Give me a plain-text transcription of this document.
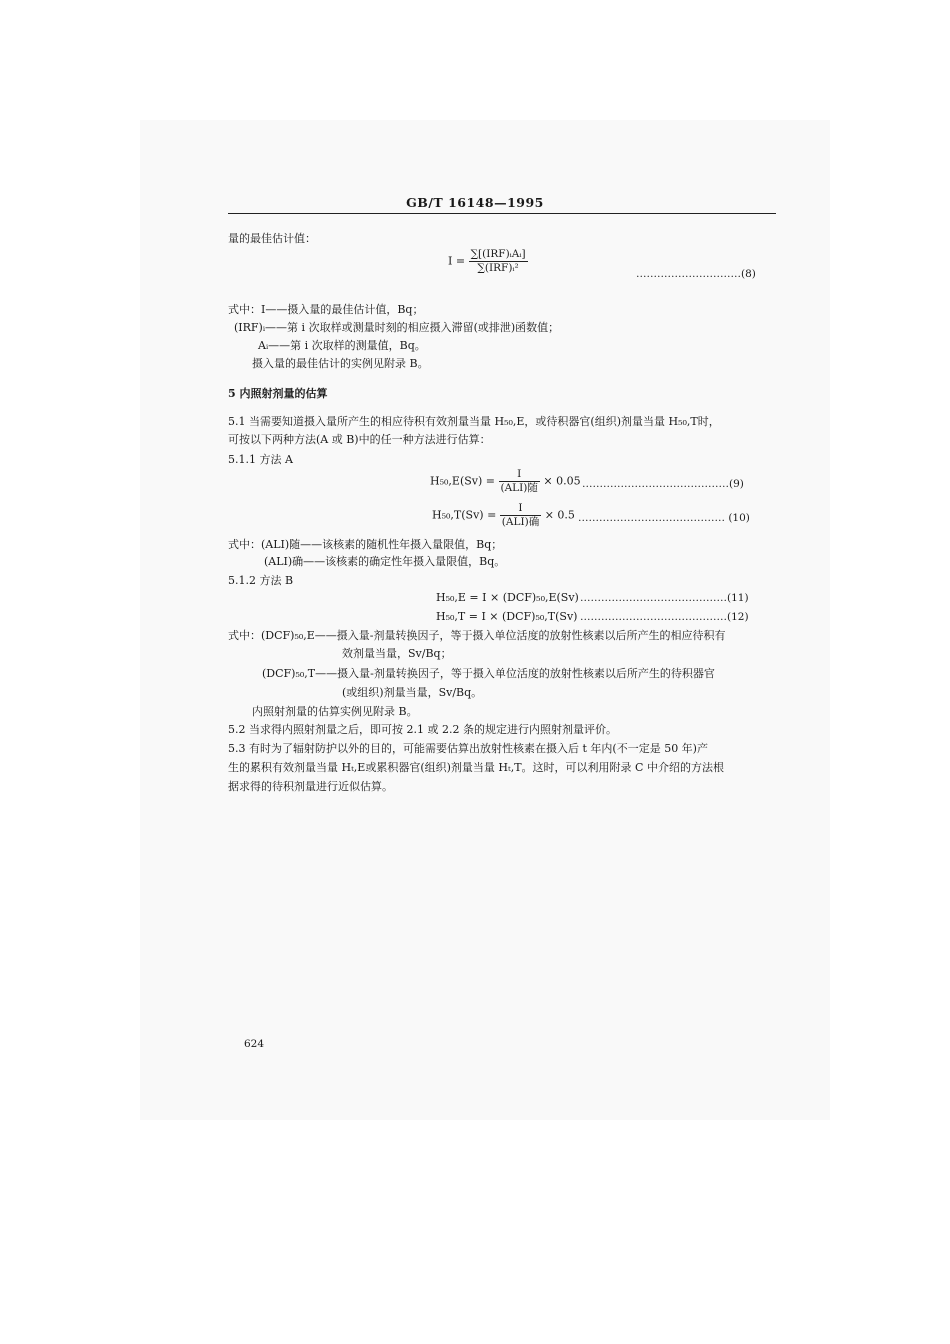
GB/T 16148—1995
量的最佳估计值：
$I = \frac{\text{∑[(IRF)ᵢAᵢ]}}{\text{∑(IRF)ᵢ²}}$	…………………………(8)
式中：I——摄入量的最佳估计值，Bq；
(IRF)ᵢ——第 i 次取样或测量时刻的相应摄入滞留(或排泄)函数值；
Aᵢ——第 i 次取样的测量值，Bq。
摄入量的最佳估计的实例见附录 B。
5 内照射剂量的估算
5.1 当需要知道摄入量所产生的相应待积有效剂量当量 H₅₀,E，或待积器官(组织)剂量当量 H₅₀,T时，
可按以下两种方法(A 或 B)中的任一种方法进行估算：
5.1.1 方法 A
$H_{50},E(Sv) = \frac{I}{\text{(ALI)随}} \times 0.05$ ……………………………………(9)
$H_{50},T(Sv) = \frac{I}{\text{(ALI)确}} \times 0.5$ …………………………………… (10)
式中：(ALI)随——该核素的随机性年摄入量限值，Bq；
(ALI)确——该核素的确定性年摄入量限值，Bq。
5.1.2 方法 B
H₅₀,E = I × (DCF)₅₀,E(Sv) ……………………………………(11)
H₅₀,T = I × (DCF)₅₀,T(Sv) ……………………………………(12)
式中：(DCF)₅₀,E——摄入量-剂量转换因子，等于摄入单位活度的放射性核素以后所产生的相应待积有
效剂量当量，Sv/Bq；
(DCF)₅₀,T——摄入量-剂量转换因子，等于摄入单位活度的放射性核素以后所产生的待积器官
(或组织)剂量当量，Sv/Bq。
内照射剂量的估算实例见附录 B。
5.2 当求得内照射剂量之后，即可按 2.1 或 2.2 条的规定进行内照射剂量评价。
5.3 有时为了辐射防护以外的目的，可能需要估算出放射性核素在摄入后 t 年内(不一定是 50 年)产
生的累积有效剂量当量 Hₜ,E或累积器官(组织)剂量当量 Hₜ,T。这时，可以利用附录 C 中介绍的方法根
据求得的待积剂量进行近似估算。
624
